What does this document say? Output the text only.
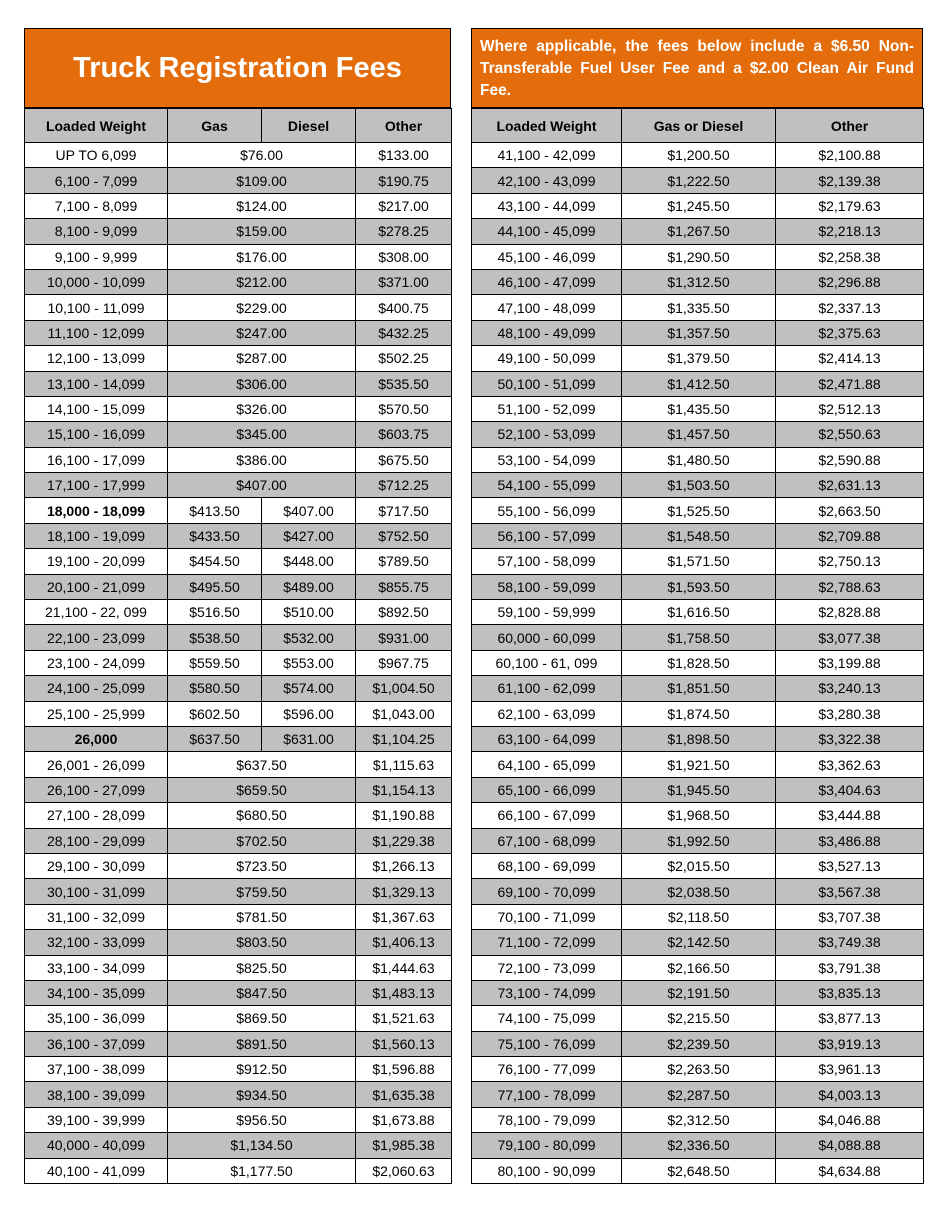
Truck Registration Fees
Loaded Weight	Gas	Diesel	Other
UP TO 6,099	$76.00		$133.00
6,100 - 7,099	$109.00		$190.75
7,100 - 8,099	$124.00		$217.00
8,100 - 9,099	$159.00		$278.25
9,100 - 9,999	$176.00		$308.00
10,000 - 10,099	$212.00		$371.00
10,100 - 11,099	$229.00		$400.75
11,100 - 12,099	$247.00		$432.25
12,100 - 13,099	$287.00		$502.25
13,100 - 14,099	$306.00		$535.50
14,100 - 15,099	$326.00		$570.50
15,100 - 16,099	$345.00		$603.75
16,100 - 17,099	$386.00		$675.50
17,100 - 17,999	$407.00		$712.25
18,000 - 18,099	$413.50	$407.00	$717.50
18,100 - 19,099	$433.50	$427.00	$752.50
19,100 - 20,099	$454.50	$448.00	$789.50
20,100 - 21,099	$495.50	$489.00	$855.75
21,100 - 22, 099	$516.50	$510.00	$892.50
22,100 - 23,099	$538.50	$532.00	$931.00
23,100 - 24,099	$559.50	$553.00	$967.75
24,100 - 25,099	$580.50	$574.00	$1,004.50
25,100 - 25,999	$602.50	$596.00	$1,043.00
26,000	$637.50	$631.00	$1,104.25
26,001 - 26,099	$637.50		$1,115.63
26,100 - 27,099	$659.50		$1,154.13
27,100 - 28,099	$680.50		$1,190.88
28,100 - 29,099	$702.50		$1,229.38
29,100 - 30,099	$723.50		$1,266.13
30,100 - 31,099	$759.50		$1,329.13
31,100 - 32,099	$781.50		$1,367.63
32,100 - 33,099	$803.50		$1,406.13
33,100 - 34,099	$825.50		$1,444.63
34,100 - 35,099	$847.50		$1,483.13
35,100 - 36,099	$869.50		$1,521.63
36,100 - 37,099	$891.50		$1,560.13
37,100 - 38,099	$912.50		$1,596.88
38,100 - 39,099	$934.50		$1,635.38
39,100 - 39,999	$956.50		$1,673.88
40,000 - 40,099	$1,134.50		$1,985.38
40,100 - 41,099	$1,177.50		$2,060.63
Where applicable, the fees below include a $6.50 Non-Transferable Fuel User Fee and a $2.00 Clean Air Fund Fee.
Loaded Weight	Gas or Diesel	Other
41,100 - 42,099	$1,200.50	$2,100.88
42,100 - 43,099	$1,222.50	$2,139.38
43,100 - 44,099	$1,245.50	$2,179.63
44,100 - 45,099	$1,267.50	$2,218.13
45,100 - 46,099	$1,290.50	$2,258.38
46,100 - 47,099	$1,312.50	$2,296.88
47,100 - 48,099	$1,335.50	$2,337.13
48,100 - 49,099	$1,357.50	$2,375.63
49,100 - 50,099	$1,379.50	$2,414.13
50,100 - 51,099	$1,412.50	$2,471.88
51,100 - 52,099	$1,435.50	$2,512.13
52,100 - 53,099	$1,457.50	$2,550.63
53,100 - 54,099	$1,480.50	$2,590.88
54,100 - 55,099	$1,503.50	$2,631.13
55,100 - 56,099	$1,525.50	$2,663.50
56,100 - 57,099	$1,548.50	$2,709.88
57,100 - 58,099	$1,571.50	$2,750.13
58,100 - 59,099	$1,593.50	$2,788.63
59,100 - 59,999	$1,616.50	$2,828.88
60,000 - 60,099	$1,758.50	$3,077.38
60,100 - 61, 099	$1,828.50	$3,199.88
61,100 - 62,099	$1,851.50	$3,240.13
62,100 - 63,099	$1,874.50	$3,280.38
63,100 - 64,099	$1,898.50	$3,322.38
64,100 - 65,099	$1,921.50	$3,362.63
65,100 - 66,099	$1,945.50	$3,404.63
66,100 - 67,099	$1,968.50	$3,444.88
67,100 - 68,099	$1,992.50	$3,486.88
68,100 - 69,099	$2,015.50	$3,527.13
69,100 - 70,099	$2,038.50	$3,567.38
70,100 - 71,099	$2,118.50	$3,707.38
71,100 - 72,099	$2,142.50	$3,749.38
72,100 - 73,099	$2,166.50	$3,791.38
73,100 - 74,099	$2,191.50	$3,835.13
74,100 - 75,099	$2,215.50	$3,877.13
75,100 - 76,099	$2,239.50	$3,919.13
76,100 - 77,099	$2,263.50	$3,961.13
77,100 - 78,099	$2,287.50	$4,003.13
78,100 - 79,099	$2,312.50	$4,046.88
79,100 - 80,099	$2,336.50	$4,088.88
80,100 - 90,099	$2,648.50	$4,634.88
